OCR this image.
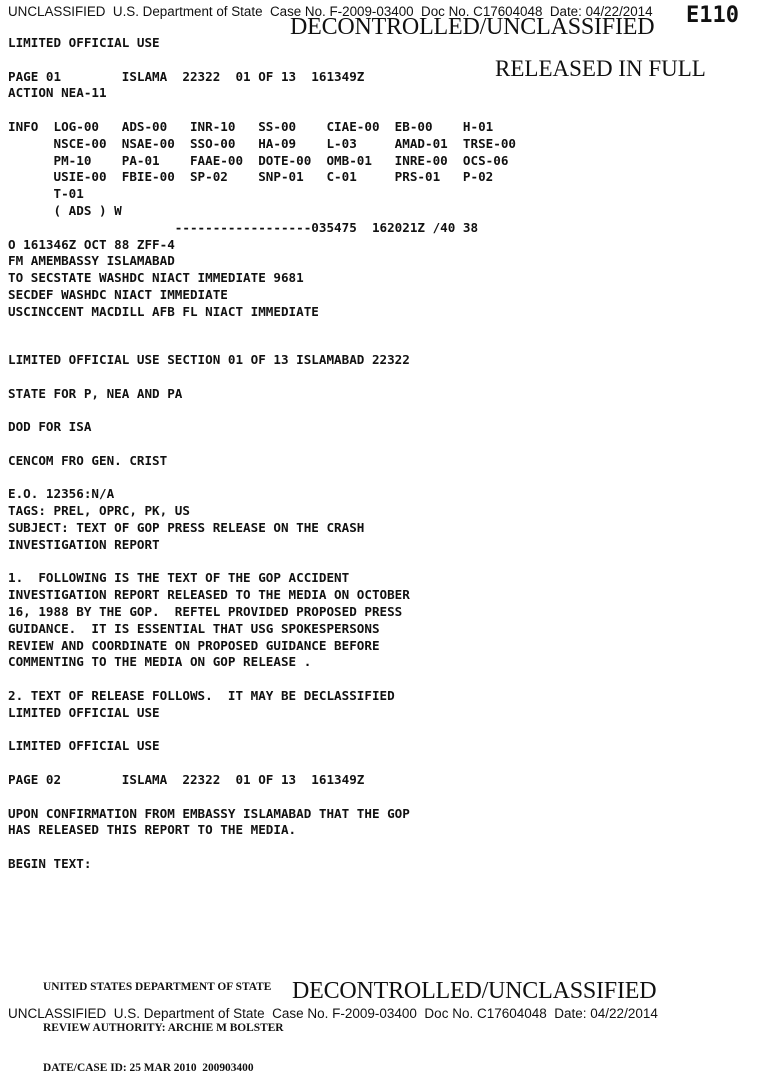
UNCLASSIFIED  U.S. Department of State  Case No. F-2009-03400  Doc No. C17604048  Date: 04/22/2014
DECONTROLLED/UNCLASSIFIED E110
RELEASED IN FULL
LIMITED OFFICIAL USE
PAGE 01        ISLAMA  22322  01 OF 13  161349Z
ACTION NEA-11
INFO  LOG-00   ADS-00   INR-10   SS-00    CIAE-00  EB-00    H-01
NSCE-00  NSAE-00  SSO-00   HA-09    L-03     AMAD-01  TRSE-00
PM-10    PA-01    FAAE-00  DOTE-00  OMB-01   INRE-00  OCS-06
USIE-00  FBIE-00  SP-02    SNP-01   C-01     PRS-01   P-02
T-01
( ADS ) W
------------------035475  162021Z /40 38
O 161346Z OCT 88 ZFF-4
FM AMEMBASSY ISLAMABAD
TO SECSTATE WASHDC NIACT IMMEDIATE 9681
SECDEF WASHDC NIACT IMMEDIATE
USCINCCENT MACDILL AFB FL NIACT IMMEDIATE
LIMITED OFFICIAL USE SECTION 01 OF 13 ISLAMABAD 22322
STATE FOR P, NEA AND PA
DOD FOR ISA
CENCOM FRO GEN. CRIST
E.O. 12356:N/A
TAGS: PREL, OPRC, PK, US
SUBJECT: TEXT OF GOP PRESS RELEASE ON THE CRASH
INVESTIGATION REPORT
1.  FOLLOWING IS THE TEXT OF THE GOP ACCIDENT
INVESTIGATION REPORT RELEASED TO THE MEDIA ON OCTOBER
16, 1988 BY THE GOP.  REFTEL PROVIDED PROPOSED PRESS
GUIDANCE.  IT IS ESSENTIAL THAT USG SPOKESPERSONS
REVIEW AND COORDINATE ON PROPOSED GUIDANCE BEFORE
COMMENTING TO THE MEDIA ON GOP RELEASE .
2. TEXT OF RELEASE FOLLOWS.  IT MAY BE DECLASSIFIED
LIMITED OFFICIAL USE
LIMITED OFFICIAL USE
PAGE 02        ISLAMA  22322  01 OF 13  161349Z
UPON CONFIRMATION FROM EMBASSY ISLAMABAD THAT THE GOP
HAS RELEASED THIS REPORT TO THE MEDIA.
BEGIN TEXT:

UNITED STATES DEPARTMENT OF STATE

REVIEW AUTHORITY: ARCHIE M BOLSTER

DATE/CASE ID: 25 MAR 2010  200903400

DECONTROLLED/UNCLASSIFIED
UNCLASSIFIED  U.S. Department of State  Case No. F-2009-03400  Doc No. C17604048  Date: 04/22/2014
